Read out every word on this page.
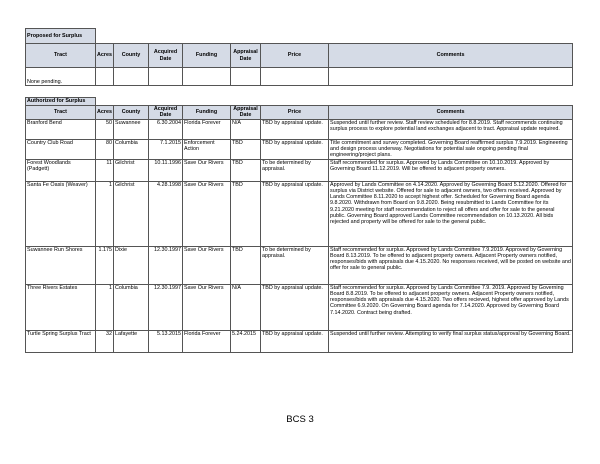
Proposed for Surplus							
Tract	Acres	County	Acquired Date	Funding	Appraisal Date	Price	Comments
None pending.							
Authorized for Surplus							
Tract	Acres	County	Acquired Date	Funding	Appraisal Date	Price	Comments
Branford Bend	50	Suwannee	6.30.2004	Florida Forever	N/A	TBD by appraisal update.	Suspended until further review. Staff review scheduled for 8.8.2019. Staff recommends continuing surplus process to explore potential land exchanges adjacent to tract. Appraisal update required.
Country Club Road	80	Columbia	7.1.2015	Enforcement Action	TBD	TBD by appraisal update.	Title commitment and survey completed. Governing Board reaffirmed surplus 7.9.2019. Engineering and design process underway. Negotiations for potential sale ongoing pending final engineering/project plans.
Forest Woodlands (Padgett)	11	Gilchrist	10.11.1996	Save Our Rivers	TBD	To be determined by appraisal.	Staff recommended for surplus. Approved by Lands Committee on 10.10.2019. Approved by Governing Board 11.12.2019. Will be offered to adjacent property owners.
Santa Fe Oasis (Weaver)	1	Gilchrist	4.28.1998	Save Our Rivers	TBD	TBD by appraisal update.	Approved by Lands Committee on 4.14.2020. Approved by Governing Board 5.12.2020. Offered for surplus via District website. Offered for sale to adjacent owners, two offers received. Approved by Lands Committee 8.11.2020 to accept highest offer. Scheduled for Governing Board agenda 9.8.2020. Withdrawn from Board on 9.8.2020. Being resubmitted to Lands Committee for its 9.21.2020 meeting for staff recommendation to reject all offers and offer for sale to the general public. Governing Board approved Lands Committee recommendation on 10.13.2020. All bids rejected and property will be offered for sale to the general public.
Suwannee Run Shores	1.175	Dixie	12.30.1997	Save Our Rivers	TBD	To be determined by appraisal.	Staff recommended for surplus. Approved by Lands Committee 7.9.2019. Approved by Governing Board 8.13.2019. To be offered to adjacent property owners. Adjacent Property owners notified, responses/bids with appraisals due 4.15.2020. No responses received, will be posted on website and offer for sale to general public.
Three Rivers Estates	1	Columbia	12.30.1997	Save Our Rivers	N/A	TBD by appraisal update.	Staff recommended for surplus. Approved by Lands Committee 7.9. 2019. Approved by Governing Board 8.8.2019. To be offered to adjacent property owners. Adjacent Property owners notified, responses/bids with appraisals due 4.15.2020. Two offers recieved, highest offer approved by Lands Committee 6.9.2020. On Governing Board agenda for 7.14.2020. Approved by Governing Board 7.14.2020. Contract being drafted.
Turtle Spring Surplus Tract	32	Lafayette	5.13.2015	Florida Forever	5.24.2015	TBD by appraisal update.	Suspended until further review. Attempting to verify final surplus status/approval by Governing Board.
BCS 3
